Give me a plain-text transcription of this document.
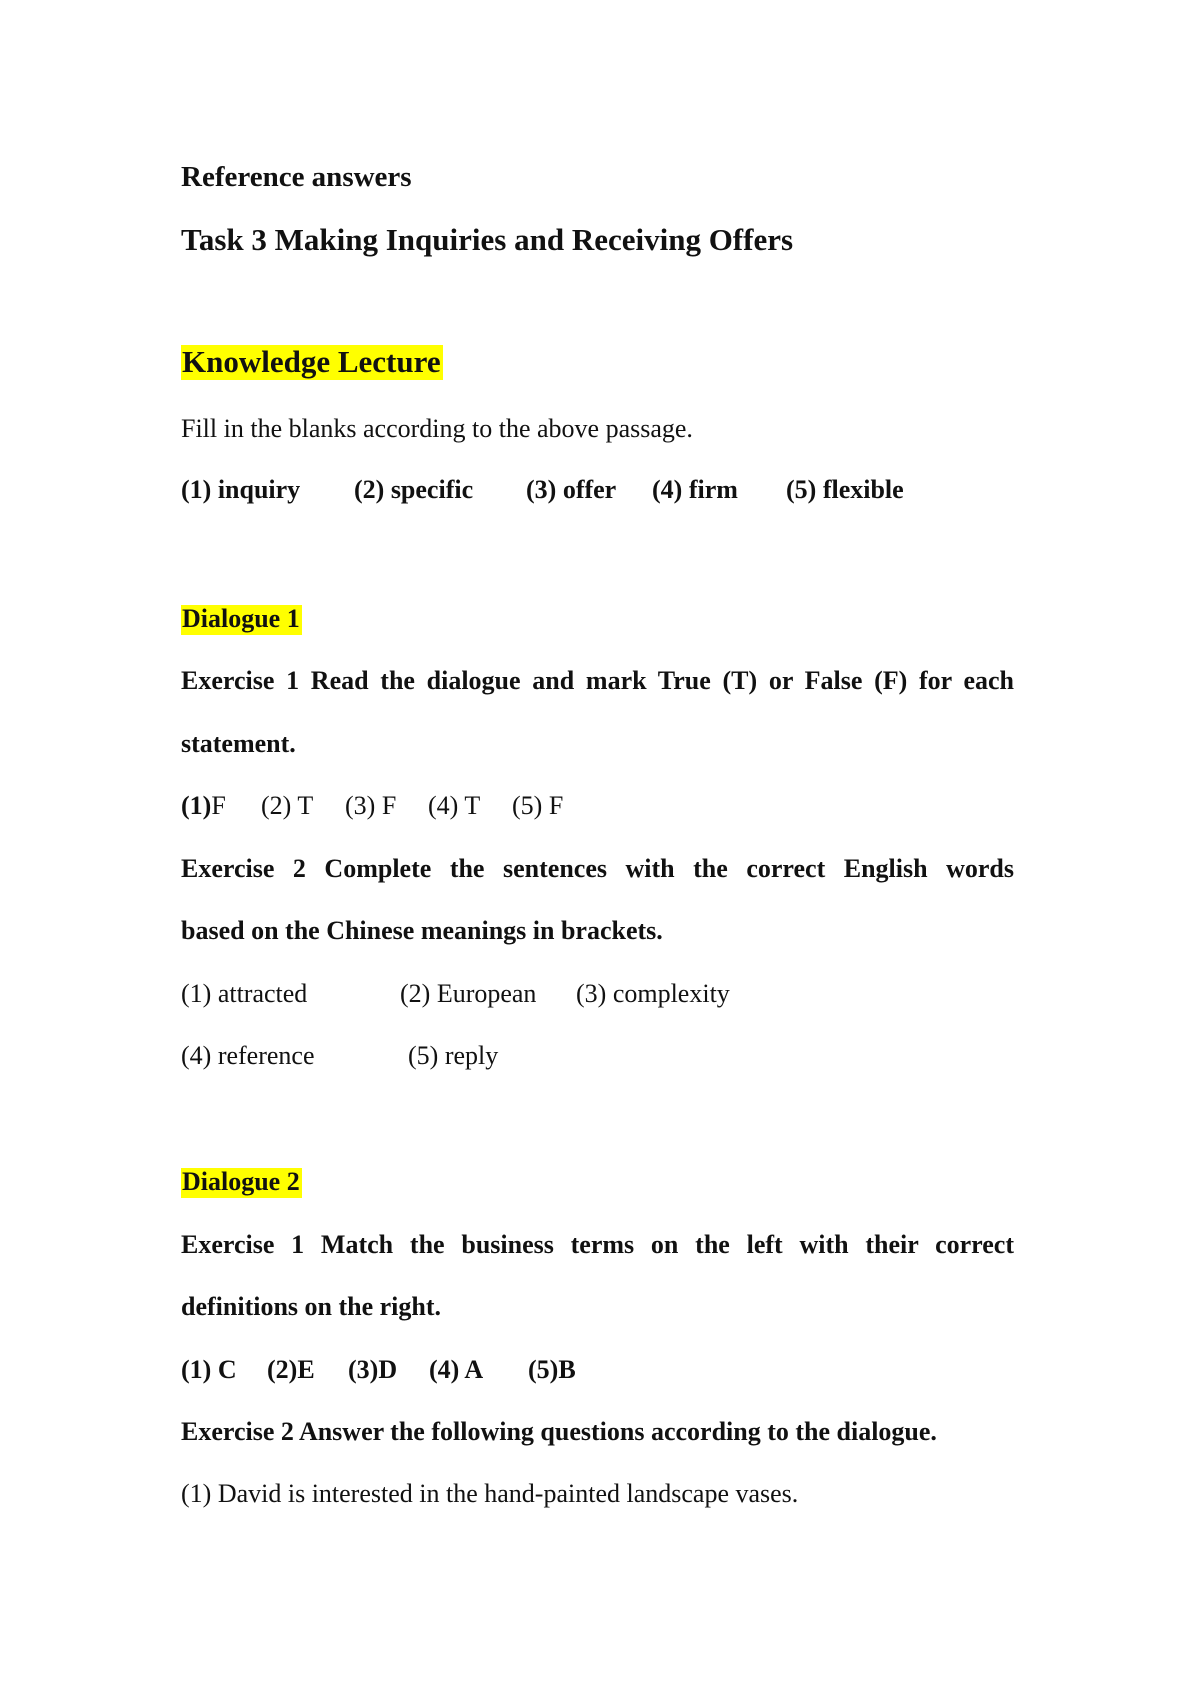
Reference answers
Task 3 Making Inquiries and Receiving Offers
Knowledge Lecture
Fill in the blanks according to the above passage.
(1) inquiry (2) specific (3) offer (4) firm (5) flexible
Dialogue 1
Exercise 1 Read the dialogue and mark True (T) or False (F) for each
statement.
(1)F (2) T (3) F (4) T (5) F
Exercise 2 Complete the sentences with the correct English words
based on the Chinese meanings in brackets.
(1) attracted	(2) European (3) complexity
(4) reference	(5) reply
Dialogue 2
Exercise 1 Match the business terms on the left with their correct
definitions on the right.
(1) C (2)E (3)D (4) A (5)B
Exercise 2 Answer the following questions according to the dialogue.
(1) David is interested in the hand-painted landscape vases.
